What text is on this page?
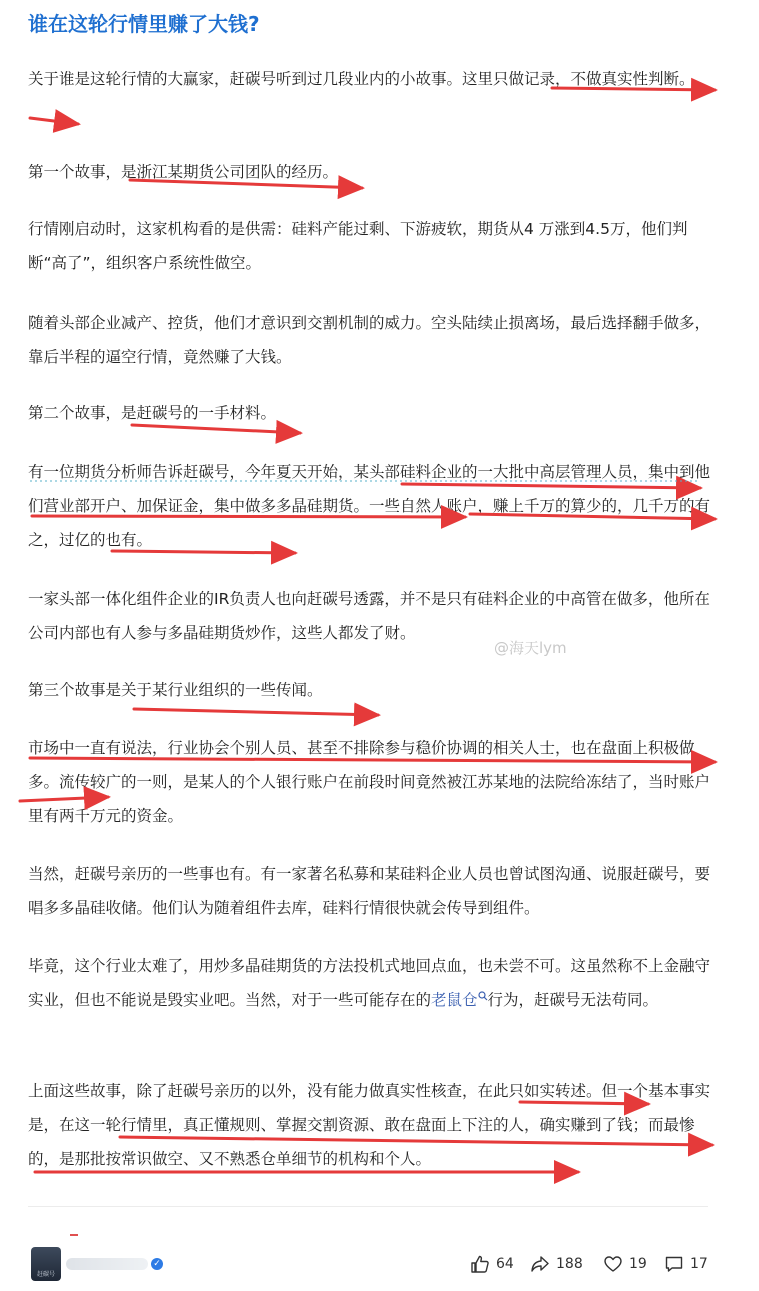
谁在这轮行情里赚了大钱?
关于谁是这轮行情的大赢家，赶碳号听到过几段业内的小故事。这里只做记录，不做真实性判断。
第一个故事，是浙江某期货公司团队的经历。
行情刚启动时，这家机构看的是供需：硅料产能过剩、下游疲软，期货从4 万涨到4.5万，他们判断“高了”，组织客户系统性做空。
随着头部企业减产、控货，他们才意识到交割机制的威力。空头陆续止损离场，最后选择翻手做多，靠后半程的逼空行情，竟然赚了大钱。
第二个故事，是赶碳号的一手材料。
有一位期货分析师告诉赶碳号，今年夏天开始，某头部硅料企业的一大批中高层管理人员，集中到他们营业部开户、加保证金，集中做多多晶硅期货。一些自然人账户，赚上千万的算少的，几千万的有之，过亿的也有。
一家头部一体化组件企业的IR负责人也向赶碳号透露，并不是只有硅料企业的中高管在做多，他所在公司内部也有人参与多晶硅期货炒作，这些人都发了财。
第三个故事是关于某行业组织的一些传闻。
市场中一直有说法，行业协会个别人员、甚至不排除参与稳价协调的相关人士，也在盘面上积极做多。流传较广的一则，是某人的个人银行账户在前段时间竟然被江苏某地的法院给冻结了，当时账户里有两千万元的资金。
当然，赶碳号亲历的一些事也有。有一家著名私募和某硅料企业人员也曾试图沟通、说服赶碳号，要唱多多晶硅收储。他们认为随着组件去库，硅料行情很快就会传导到组件。
毕竟，这个行业太难了，用炒多晶硅期货的方法投机式地回点血，也未尝不可。这虽然称不上金融守实业，但也不能说是毁实业吧。当然，对于一些可能存在的老鼠仓 行为，赶碳号无法苟同。
上面这些故事，除了赶碳号亲历的以外，没有能力做真实性核查，在此只如实转述。但一个基本事实是，在这一轮行情里，真正懂规则、掌握交割资源、敢在盘面上下注的人，确实赚到了钱；而最惨的，是那批按常识做空、又不熟悉仓单细节的机构和个人。
@海天lym
赶碳号
✓	64	188	19	17
